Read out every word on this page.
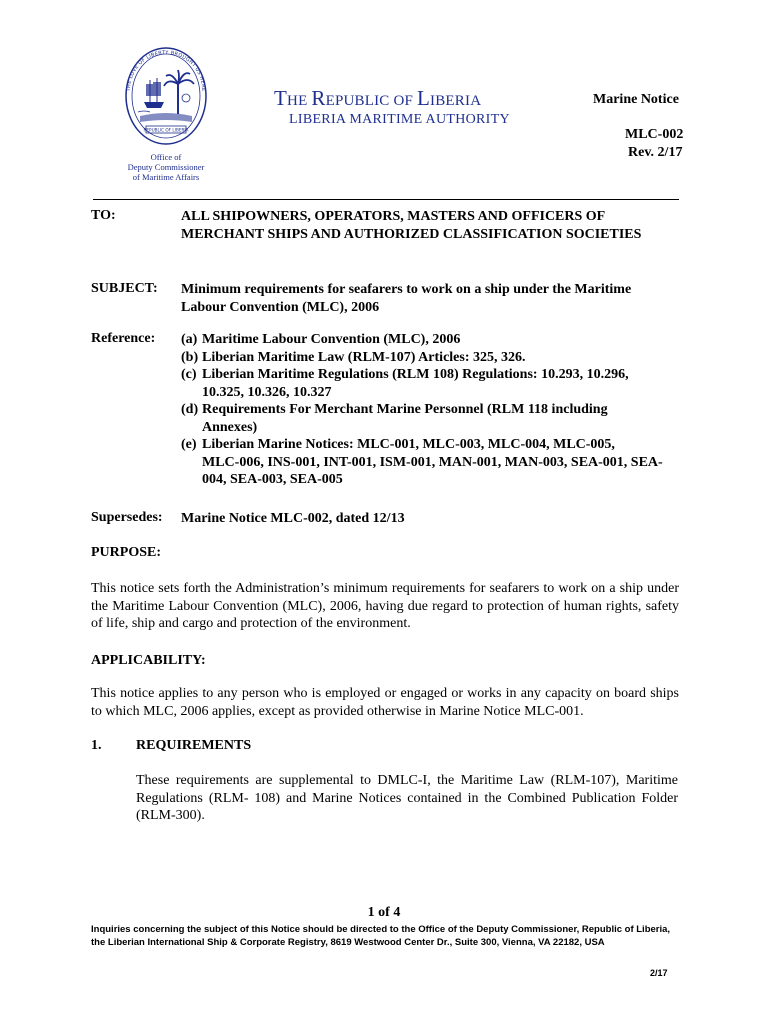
THE LOVE OF LIBERTY BROUGHT US HERE
REPUBLIC OF LIBERIA
Office of
Deputy Commissioner
of Maritime Affairs
THE REPUBLIC OF LIBERIA
LIBERIA MARITIME AUTHORITY
Marine Notice
MLC-002
Rev. 2/17
TO:	ALL SHIPOWNERS, OPERATORS, MASTERS AND OFFICERS OF MERCHANT SHIPS AND AUTHORIZED CLASSIFICATION SOCIETIES
SUBJECT: Minimum requirements for seafarers to work on a ship under the Maritime Labour Convention (MLC), 2006
Reference: (a) Maritime Labour Convention (MLC), 2006
(b) Liberian Maritime Law (RLM-107) Articles: 325, 326.
(c) Liberian Maritime Regulations (RLM 108) Regulations: 10.293, 10.296,
10.325, 10.326, 10.327
(d) Requirements For Merchant Marine Personnel (RLM 118 including
Annexes)
(e) Liberian Marine Notices: MLC-001, MLC-003, MLC-004, MLC-005,
MLC-006, INS-001, INT-001, ISM-001, MAN-001, MAN-003, SEA-001, SEA-004, SEA-003, SEA-005
Supersedes: Marine Notice MLC-002, dated 12/13
PURPOSE:
This notice sets forth the Administration’s minimum requirements for seafarers to work on a ship under the Maritime Labour Convention (MLC), 2006, having due regard to protection of human rights, safety of life, ship and cargo and protection of the environment.
APPLICABILITY:
This notice applies to any person who is employed or engaged or works in any capacity on board ships to which MLC, 2006 applies, except as provided otherwise in Marine Notice MLC-001.
1. REQUIREMENTS
These requirements are supplemental to DMLC-I, the Maritime Law (RLM-107), Maritime Regulations (RLM- 108) and Marine Notices contained in the Combined Publication Folder (RLM-300).
1 of 4
Inquiries concerning the subject of this Notice should be directed to the Office of the Deputy Commissioner, Republic of Liberia, the Liberian International Ship & Corporate Registry, 8619 Westwood Center Dr., Suite 300, Vienna, VA 22182, USA
2/17
